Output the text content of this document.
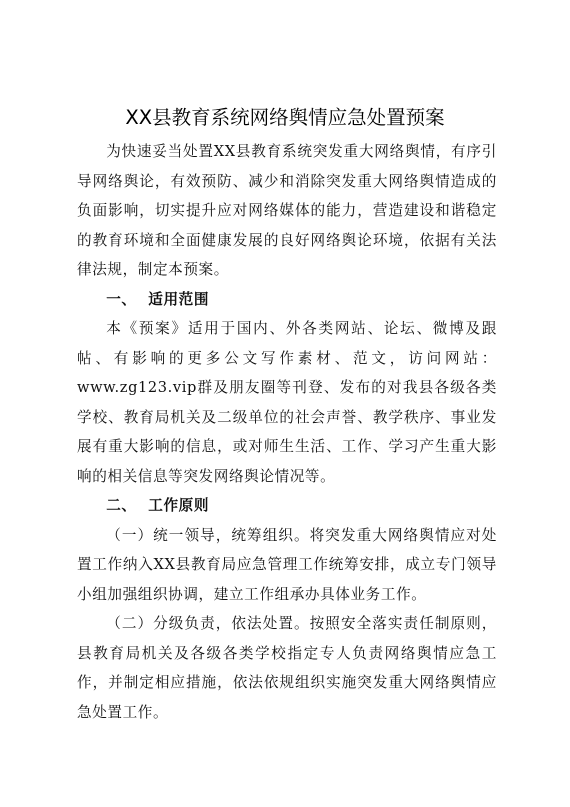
XX县教育系统网络舆情应急处置预案

为快速妥当处置XX县教育系统突发重大网络舆情，有序引导网络舆论，有效预防、减少和消除突发重大网络舆情造成的负面影响，切实提升应对网络媒体的能力，营造建设和谐稳定的教育环境和全面健康发展的良好网络舆论环境，依据有关法律法规，制定本预案。

一、 适用范围

本《预案》适用于国内、外各类网站、论坛、微博及跟帖、有影响的更多公文写作素材、范文，访问网站：www.zg123.vip群及朋友圈等刊登、发布的对我县各级各类学校、教育局机关及二级单位的社会声誉、教学秩序、事业发展有重大影响的信息，或对师生生活、工作、学习产生重大影响的相关信息等突发网络舆论情况等。

二、 工作原则

（一）统一领导，统筹组织。将突发重大网络舆情应对处置工作纳入XX县教育局应急管理工作统筹安排，成立专门领导小组加强组织协调，建立工作组承办具体业务工作。

（二）分级负责，依法处置。按照安全落实责任制原则，县教育局机关及各级各类学校指定专人负责网络舆情应急工作，并制定相应措施，依法依规组织实施突发重大网络舆情应急处置工作。
